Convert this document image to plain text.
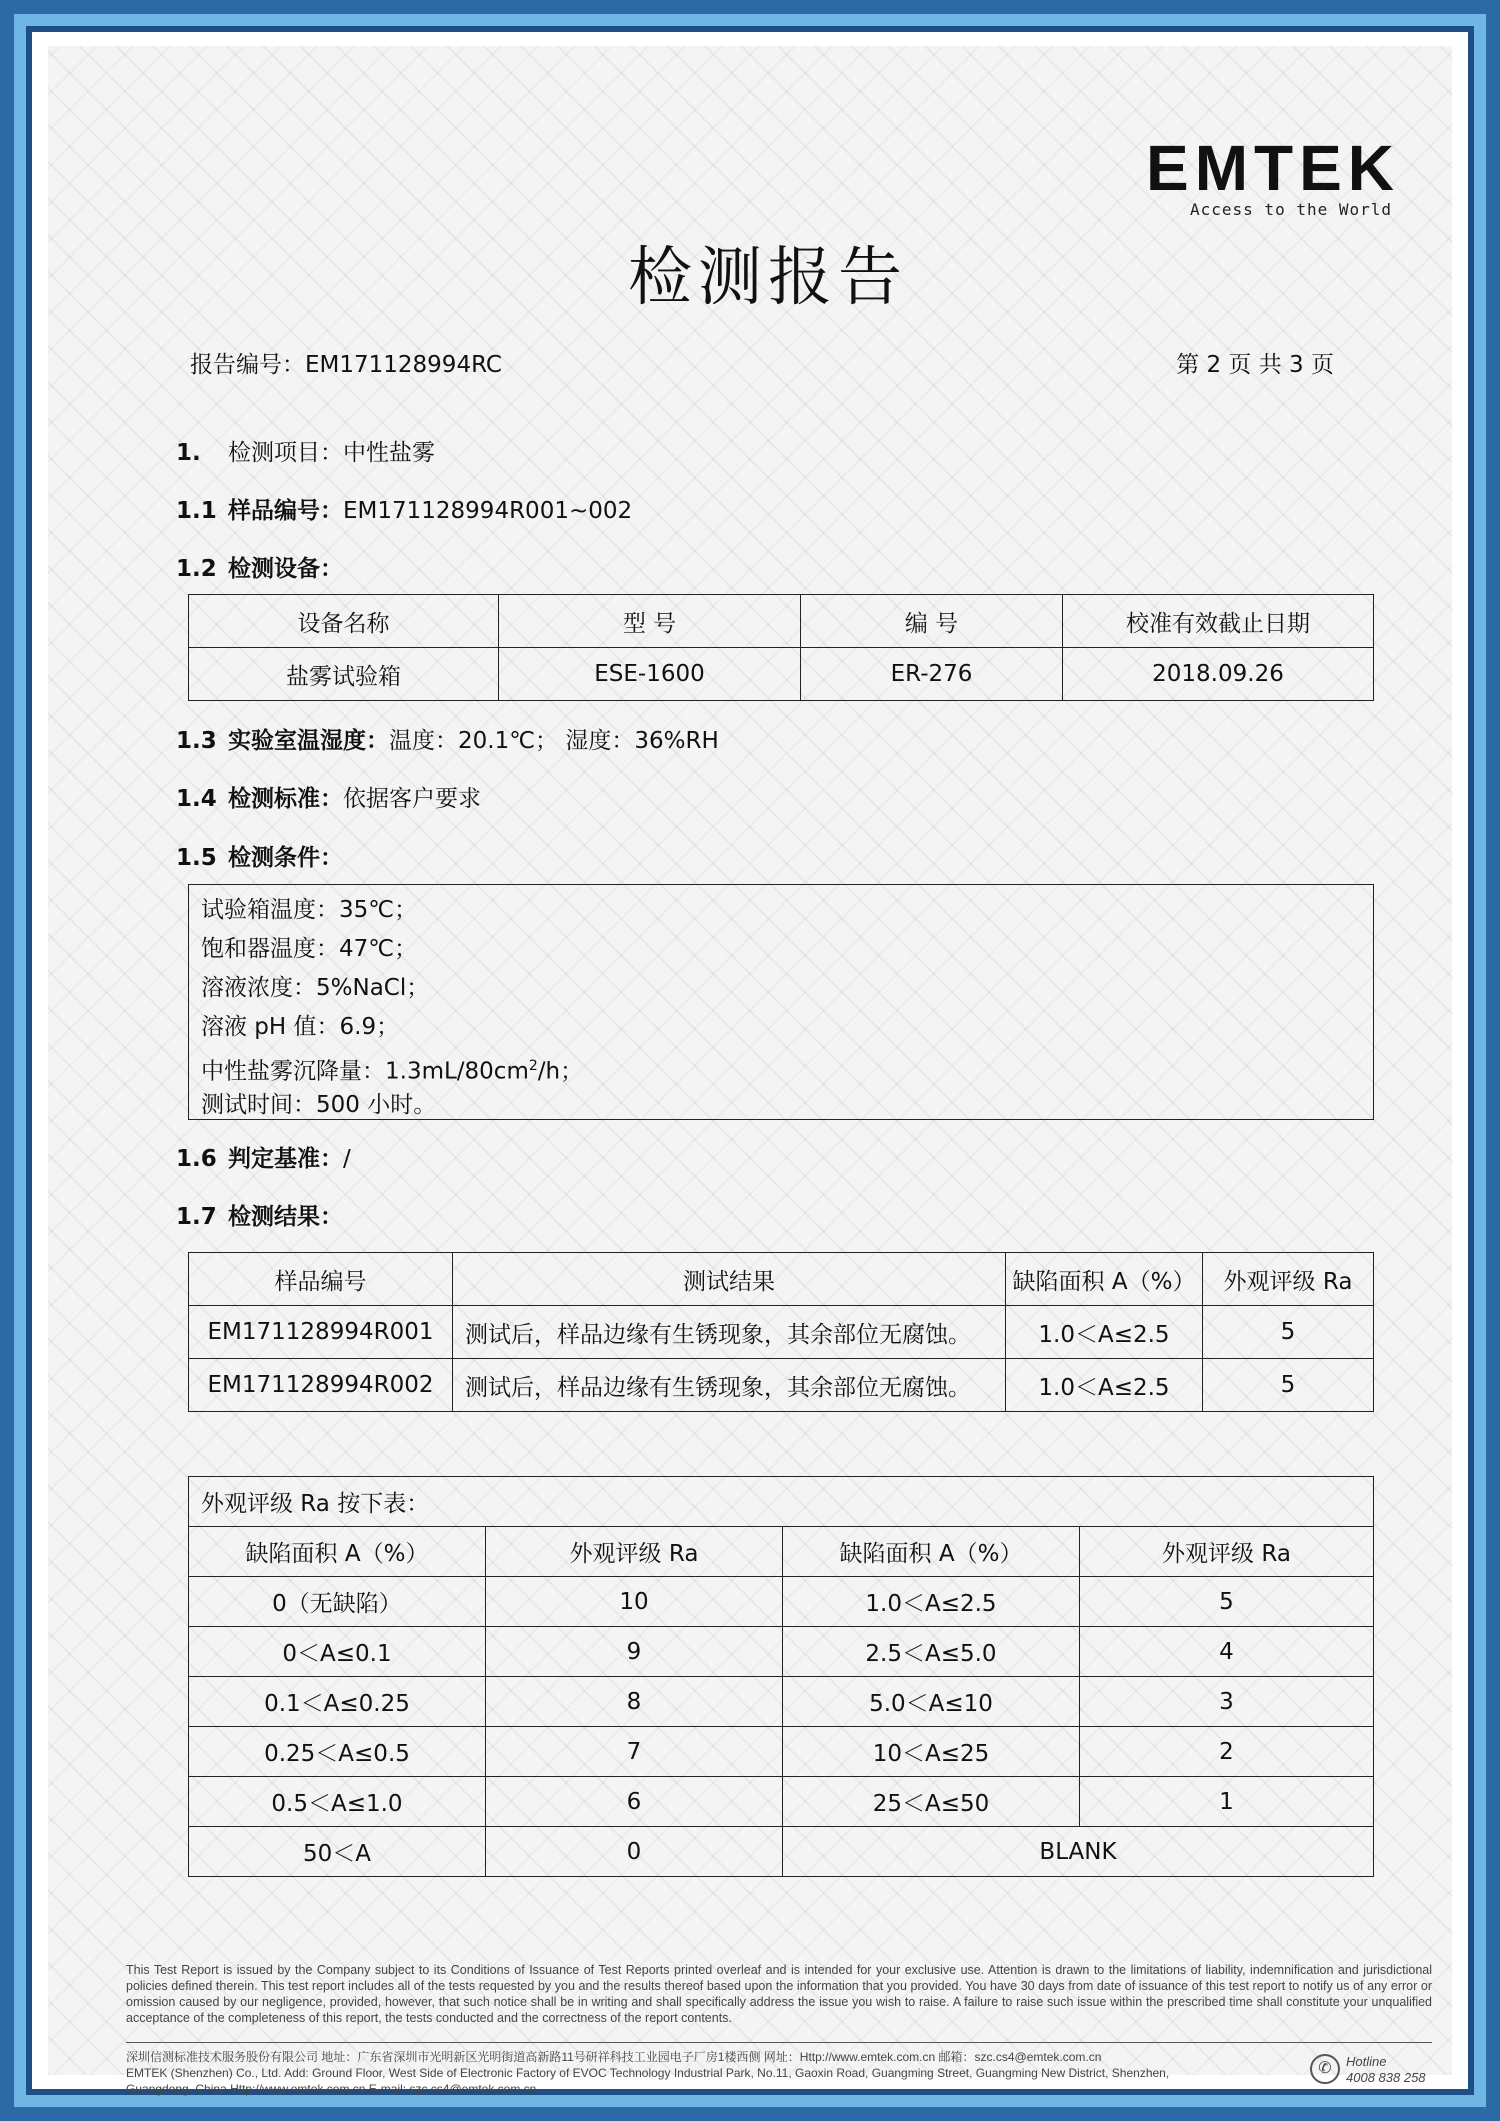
EMTEK
Access to the World
检测报告
报告编号：EM171128994RC	第 2 页 共 3 页
1. 检测项目：中性盐雾
1.1 样品编号：EM171128994R001~002
1.2 检测设备：
设备名称	型 号	编 号	校准有效截止日期
盐雾试验箱	ESE-1600	ER-276	2018.09.26
1.3 实验室温湿度：温度：20.1℃； 湿度：36%RH
1.4 检测标准：依据客户要求
1.5 检测条件：
试验箱温度：35℃；
饱和器温度：47℃；
溶液浓度：5%NaCl；
溶液 pH 值：6.9；
中性盐雾沉降量：$1.3mL/80cm^2/h$；
测试时间：500 小时。
1.6 判定基准：/
1.7 检测结果：
样品编号	测试结果	缺陷面积 A（%）	外观评级 Ra
EM171128994R001	测试后，样品边缘有生锈现象，其余部位无腐蚀。	1.0＜A≤2.5	5
EM171128994R002	测试后，样品边缘有生锈现象，其余部位无腐蚀。	1.0＜A≤2.5	5
外观评级 Ra 按下表：			
缺陷面积 A（%）	外观评级 Ra	缺陷面积 A（%）	外观评级 Ra
0（无缺陷）	10	1.0＜A≤2.5	5
0＜A≤0.1	9	2.5＜A≤5.0	4
0.1＜A≤0.25	8	5.0＜A≤10	3
0.25＜A≤0.5	7	10＜A≤25	2
0.5＜A≤1.0	6	25＜A≤50	1
50＜A	0	BLANK	
This Test Report is issued by the Company subject to its Conditions of Issuance of Test Reports printed overleaf and is intended for your exclusive use. Attention is drawn to the limitations of liability, indemnification and jurisdictional policies defined therein. This test report includes all of the tests requested by you and the results thereof based upon the information that you provided. You have 30 days from date of issuance of this test report to notify us of any error or omission caused by our negligence, provided, however, that such notice shall be in writing and shall specifically address the issue you wish to raise. A failure to raise such issue within the prescribed time shall constitute your unqualified acceptance of the completeness of this report, the tests conducted and the correctness of the report contents.
深圳信测标准技术服务股份有限公司 地址：广东省深圳市光明新区光明街道高新路11号研祥科技工业园电子厂房1楼西侧 网址：Http://www.emtek.com.cn 邮箱：szc.cs4@emtek.com.cn
EMTEK (Shenzhen) Co., Ltd. Add: Ground Floor, West Side of Electronic Factory of EVOC Technology Industrial Park, No.11, Gaoxin Road, Guangming Street, Guangming New District, Shenzhen,
Guangdong, China Http://www.emtek.com.cn E-mail: szc.cs4@emtek.com.cn
✆ Hotline
4008 838 258
